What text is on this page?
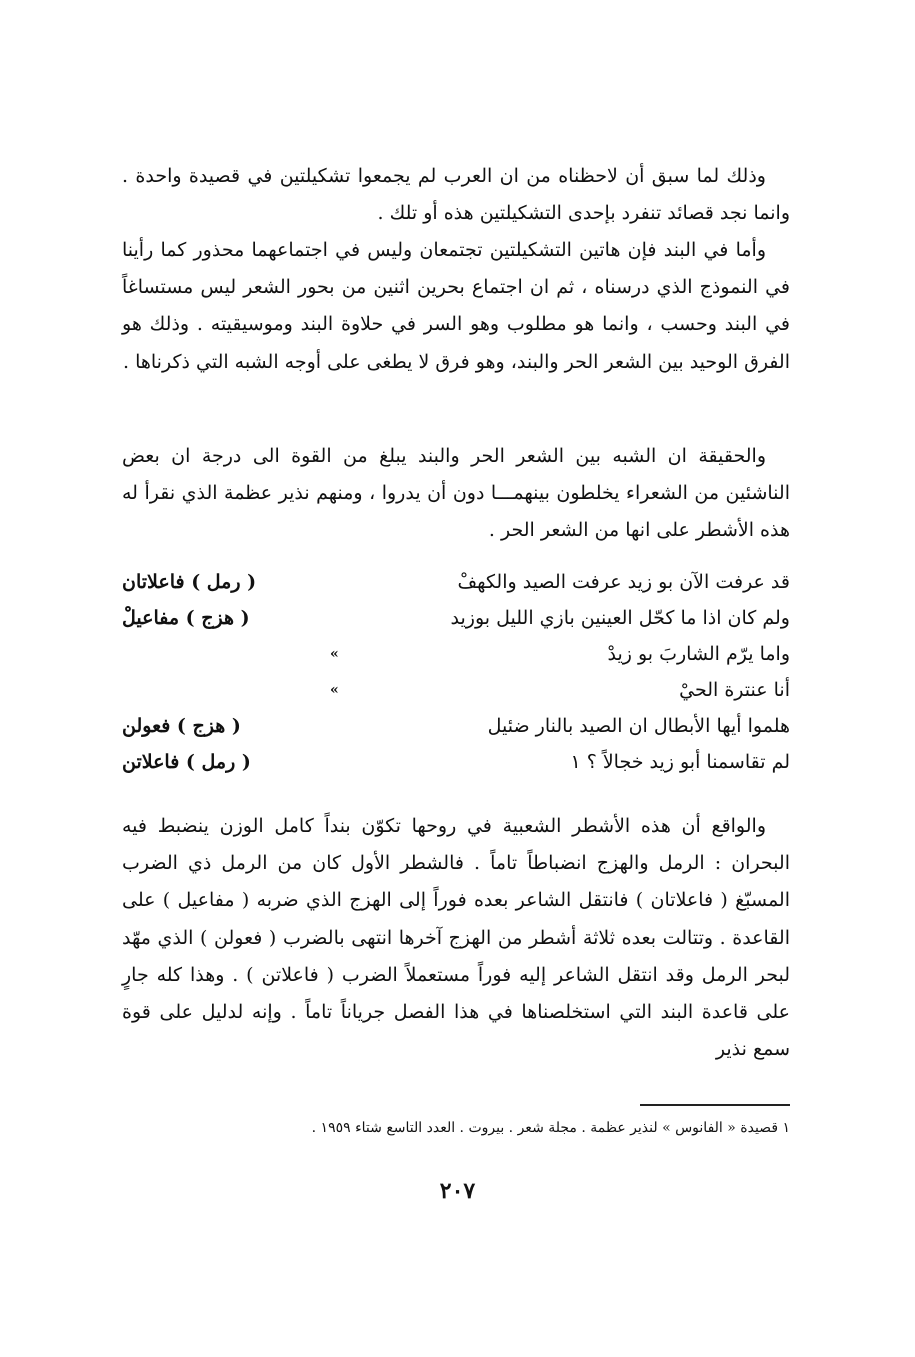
وذلك لما سبق أن لاحظناه من ان العرب لم يجمعوا تشكيلتين في قصيدة واحدة . وانما نجد قصائد تنفرد بإحدى التشكيلتين هذه أو تلك .

وأما في البند فإن هاتين التشكيلتين تجتمعان وليس في اجتماعهما محذور كما رأينا في النموذج الذي درسناه ، ثم ان اجتماع بحرين اثنين من بحور الشعر ليس مستساغاً في البند وحسب ، وانما هو مطلوب وهو السر في حلاوة البند وموسيقيته . وذلك هو الفرق الوحيد بين الشعر الحر والبند، وهو فرق لا يطغى على أوجه الشبه التي ذكرناها .

والحقيقة ان الشبه بين الشعر الحر والبند يبلغ من القوة الى درجة ان بعض الناشئين من الشعراء يخلطون بينهمـــا دون أن يدروا ، ومنهم نذير عظمة الذي نقرأ له هذه الأشطر على انها من الشعر الحر .

قد عرفت الآن بو زيد عرفت الصيد والكهفْ
( رمل ) فاعلاتان
ولم كان اذا ما كحّل العينين بازي الليل بوزيد
( هزج ) مفاعيلْ
واما يرّم الشاربَ بو زيدْ
»
أنا عنترة الحيْ
»
هلموا أيها الأبطال ان الصيد بالنار ضئيل
( هزج ) فعولن
لم تقاسمنا أبو زيد خجالاً ؟ ١
( رمل ) فاعلاتن

والواقع أن هذه الأشطر الشعبية في روحها تكوّن بنداً كامل الوزن ينضبط فيه البحران : الرمل والهزج انضباطاً تاماً . فالشطر الأول كان من الرمل ذي الضرب المسبّغ ( فاعلاتان ) فانتقل الشاعر بعده فوراً إلى الهزج الذي ضربه ( مفاعيل ) على القاعدة . وتتالت بعده ثلاثة أشطر من الهزج آخرها انتهى بالضرب ( فعولن ) الذي مهّد لبحر الرمل وقد انتقل الشاعر إليه فوراً مستعملاً الضرب ( فاعلاتن ) . وهذا كله جارٍ على قاعدة البند التي استخلصناها في هذا الفصل جرياناً تاماً . وإنه لدليل على قوة سمع نذير

١ قصيدة « الفانوس » لنذير عظمة . مجلة شعر . بيروت . العدد التاسع شتاء ١٩٥٩ .

٢٠٧
